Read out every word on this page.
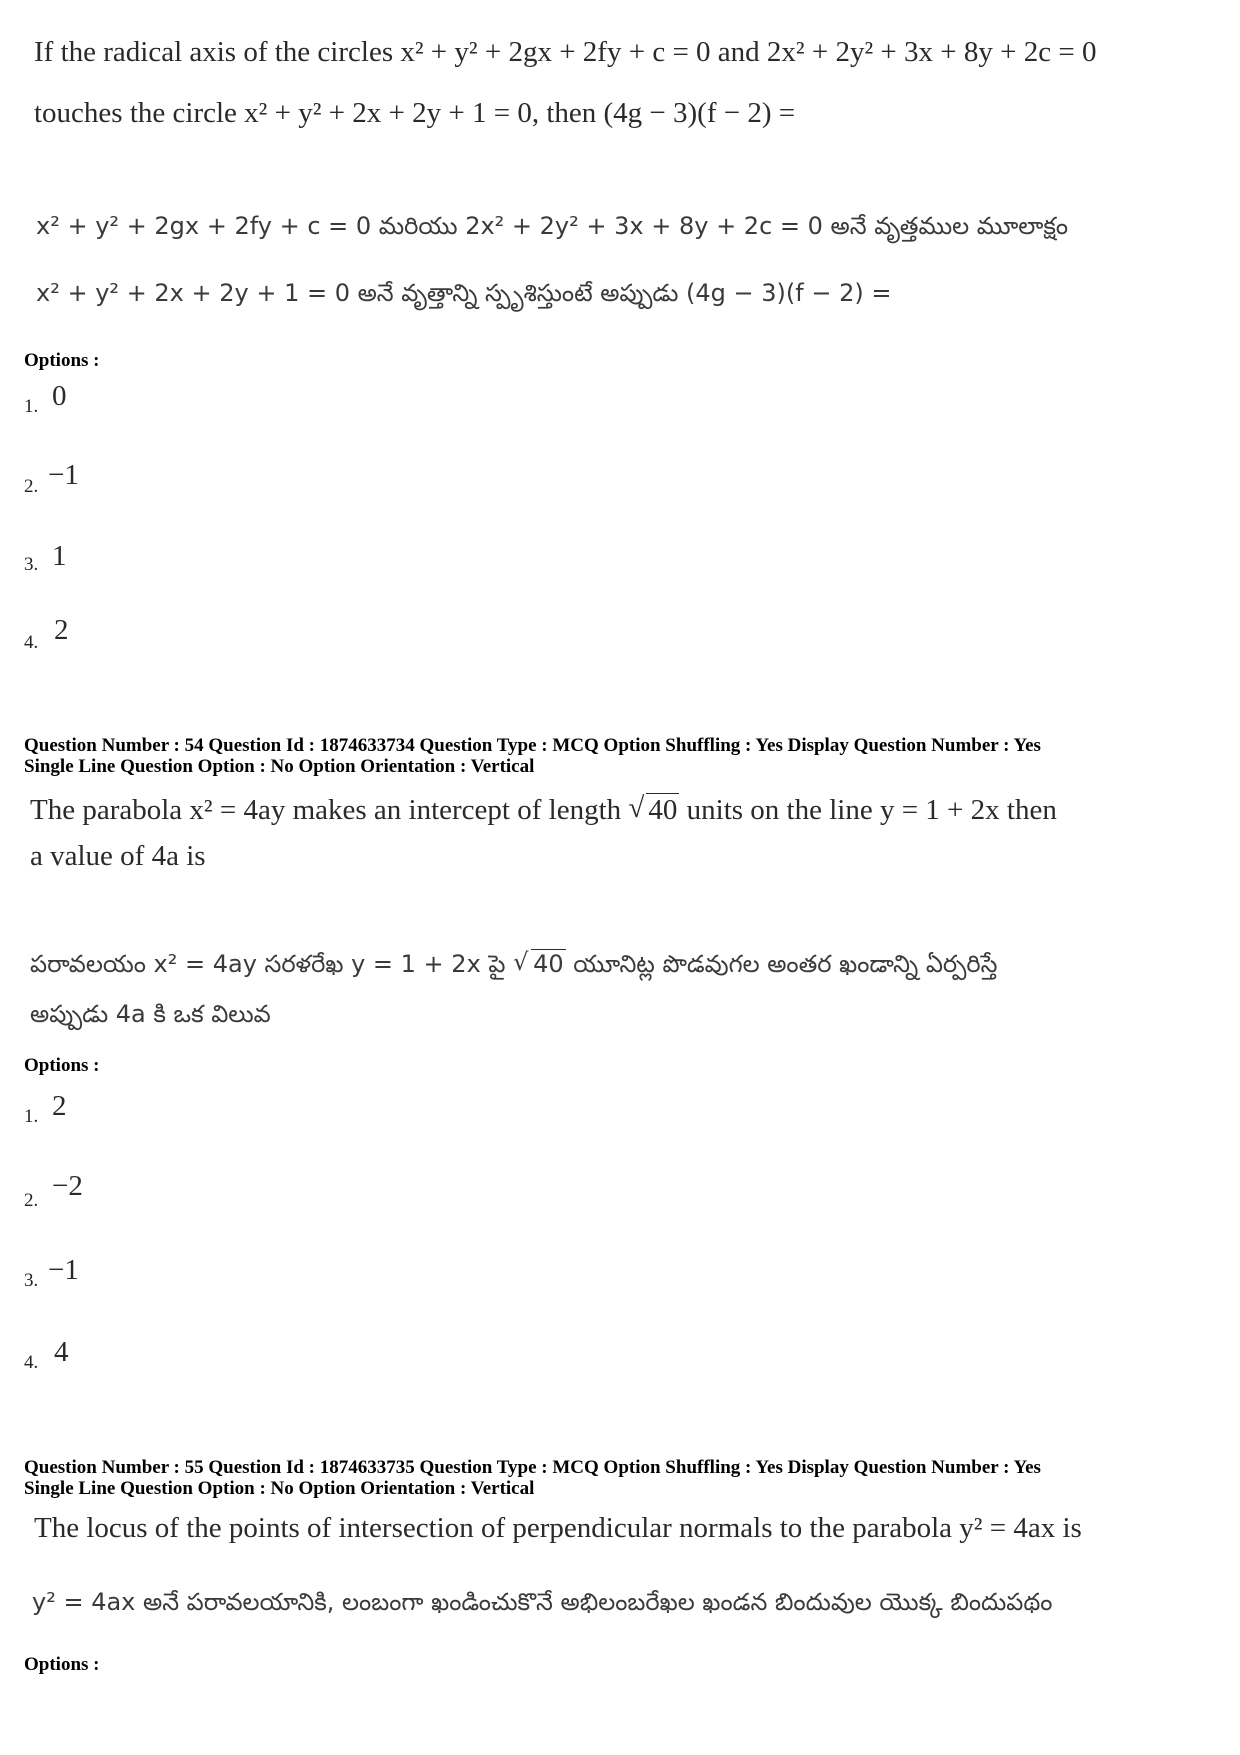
If the radical axis of the circles x² + y² + 2gx + 2fy + c = 0 and 2x² + 2y² + 3x + 8y + 2c = 0
touches the circle x² + y² + 2x + 2y + 1 = 0, then (4g − 3)(f − 2) =
x² + y² + 2gx + 2fy + c = 0 మరియు 2x² + 2y² + 3x + 8y + 2c = 0 అనే వృత్తముల మూలాక్షం
x² + y² + 2x + 2y + 1 = 0 అనే వృత్తాన్ని స్పృశిస్తుంటే అప్పుడు (4g − 3)(f − 2) =
Options :
1. 0
2. −1
3. 1
4. 2
Question Number : 54 Question Id : 1874633734 Question Type : MCQ Option Shuffling : Yes Display Question Number : Yes
Single Line Question Option : No Option Orientation : Vertical
The parabola x² = 4ay makes an intercept of length √ 40 units on the line y = 1 + 2x then
a value of 4a is
పరావలయం x² = 4ay సరళరేఖ y = 1 + 2x పై √ 40 యూనిట్ల పొడవుగల అంతర ఖండాన్ని ఏర్పరిస్తే
అప్పుడు 4a కి ఒక విలువ
Options :
1. 2
2. −2
3. −1
4. 4
Question Number : 55 Question Id : 1874633735 Question Type : MCQ Option Shuffling : Yes Display Question Number : Yes
Single Line Question Option : No Option Orientation : Vertical
The locus of the points of intersection of perpendicular normals to the parabola y² = 4ax is
y² = 4ax అనే పరావలయానికి, లంబంగా ఖండించుకొనే అభిలంబరేఖల ఖండన బిందువుల యొక్క బిందుపథం
Options :
